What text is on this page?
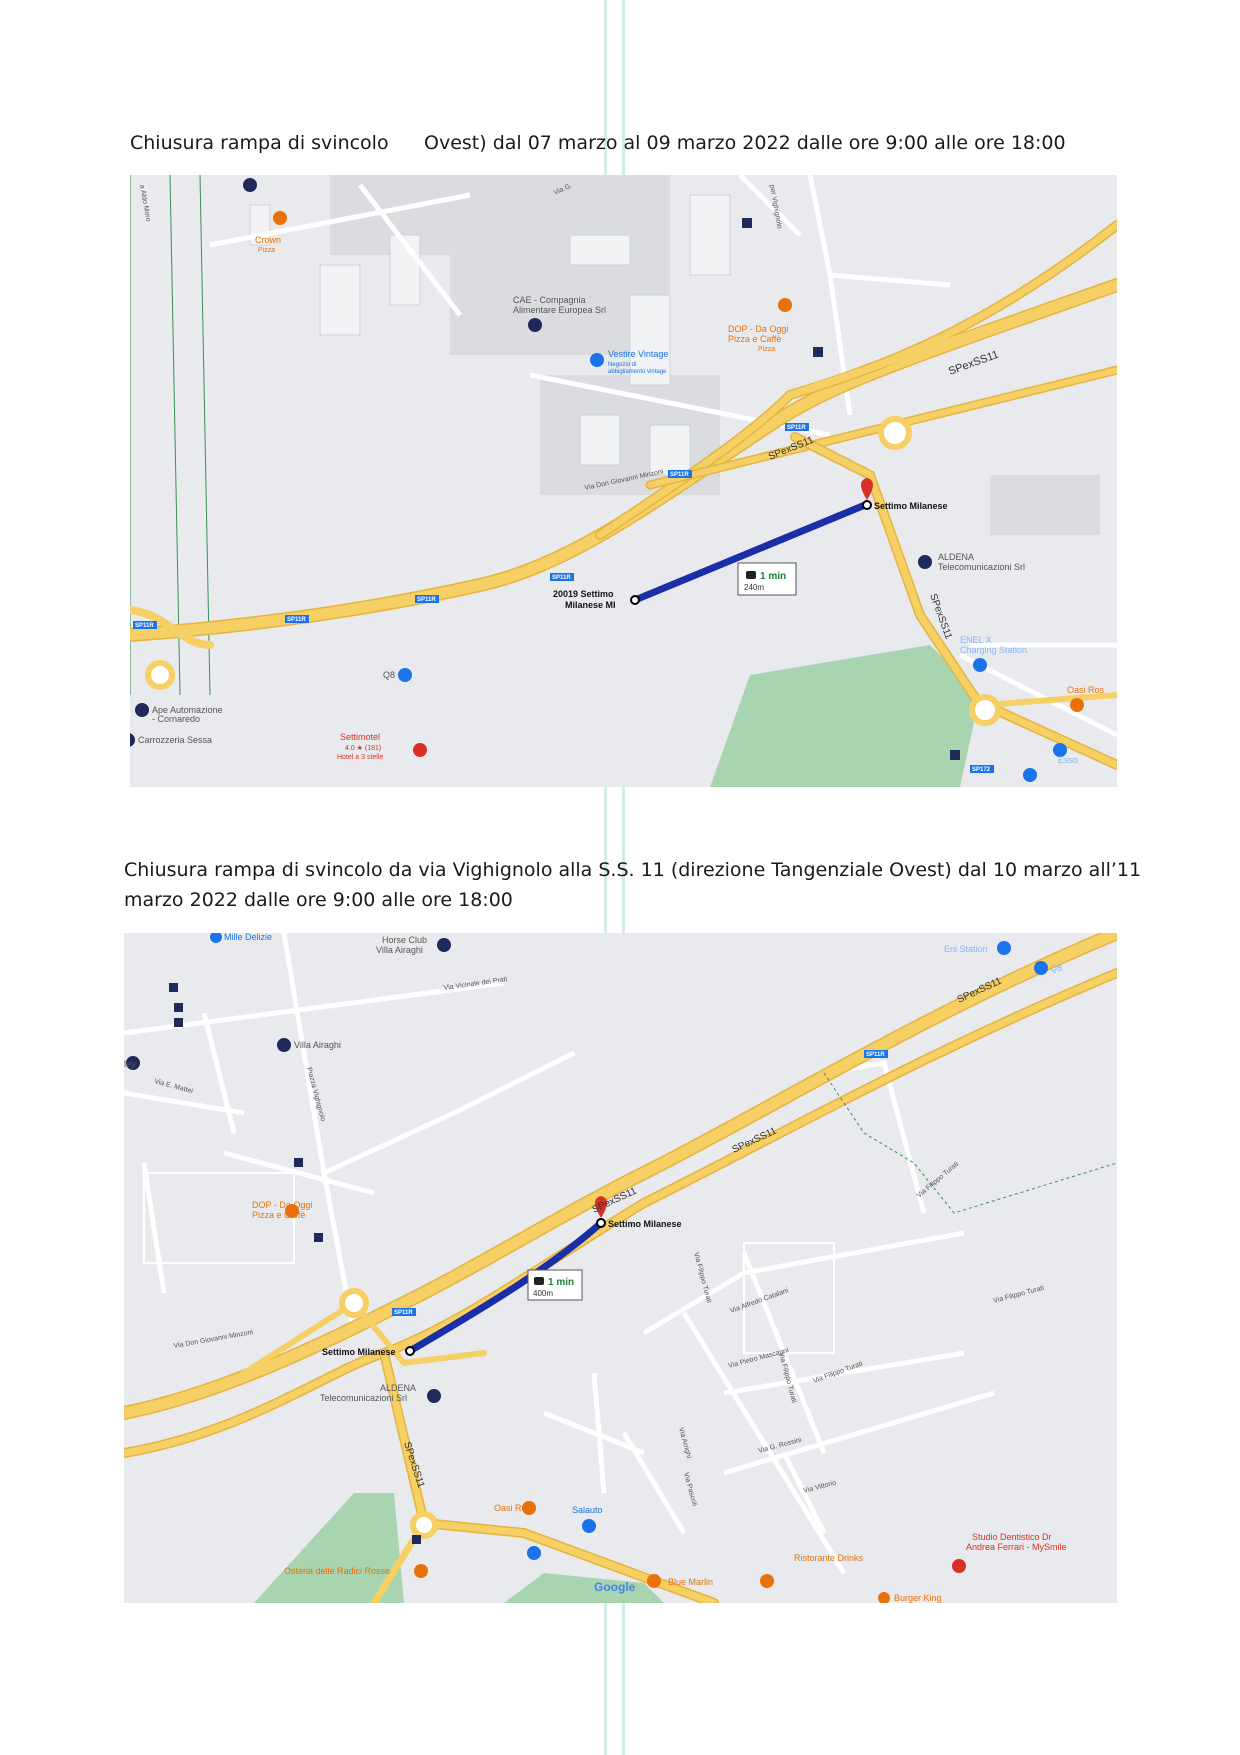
Chiusura rampa di svincolo Ovest) dal 07 marzo al 09 marzo 2022 dalle ore 9:00 alle ore 18:00
1 min
240m
SP11R
SP11R
SP11R
SP11R
SP11R
SP11R
SP172
SPexSS11
SPexSS11
SPexSS11
Via Don Giovanni Minzoni
per Vighignolo
a Aldo Moro	Via G.
20019 Settimo
Milanese MI
Settimo Milanese
Crown
Pizza
CAE - Compagnia
Alimentare Europea Srl
Vestire Vintage
Negozio di
abbigliamento vintage
DOP - Da Oggi
Pizza e Caffè
Pizza
ALDENA
Telecomunicazioni Srl
ENEL X
Charging Station
Oasi Ros
Q8
Ape Automazione
- Cornaredo
Carrozzeria Sessa	Settimotel
4.0 ★ (181)
Hotel a 3 stelle	Esso
Chiusura rampa di svincolo da via Vighignolo alla S.S. 11 (direzione Tangenziale Ovest) dal 10 marzo all’11
marzo 2022 dalle ore 9:00 alle ore 18:00
1 min
400m
SP11R
SP11R
SPexSS11
SPexSS11
SPexSS11
SPexSS11
Via Don Giovanni Minzoni
Via Vicinale dei Prati
Piazza Vighignolo
Via E. Mattei
Via Filippo Turati
Via Filippo Turati
Via Filippo Turati Via Filippo Turati
Via Filippo Turati
Via Alfredo Catalani
Via Pietro Mascagni
Via Arrighi	Via G. Rossini
Via Vittorio
Via Pascoli
Settimo Milanese
Settimo Milanese
Mille Delizie	Horse Club
Villa Airaghi
Villa Airaghi
ley
Eni Station
Q8
DOP - Da Oggi
Pizza e Caffè
ALDENA
Telecomunicazioni Srl
Oasi Rosa	Salauto
Osteria delle Radici Rosse
Blue Marlin
Ristorante Drinks
Studio Dentistico Dr
Andrea Ferrari - MySmile
Burger King
Google
